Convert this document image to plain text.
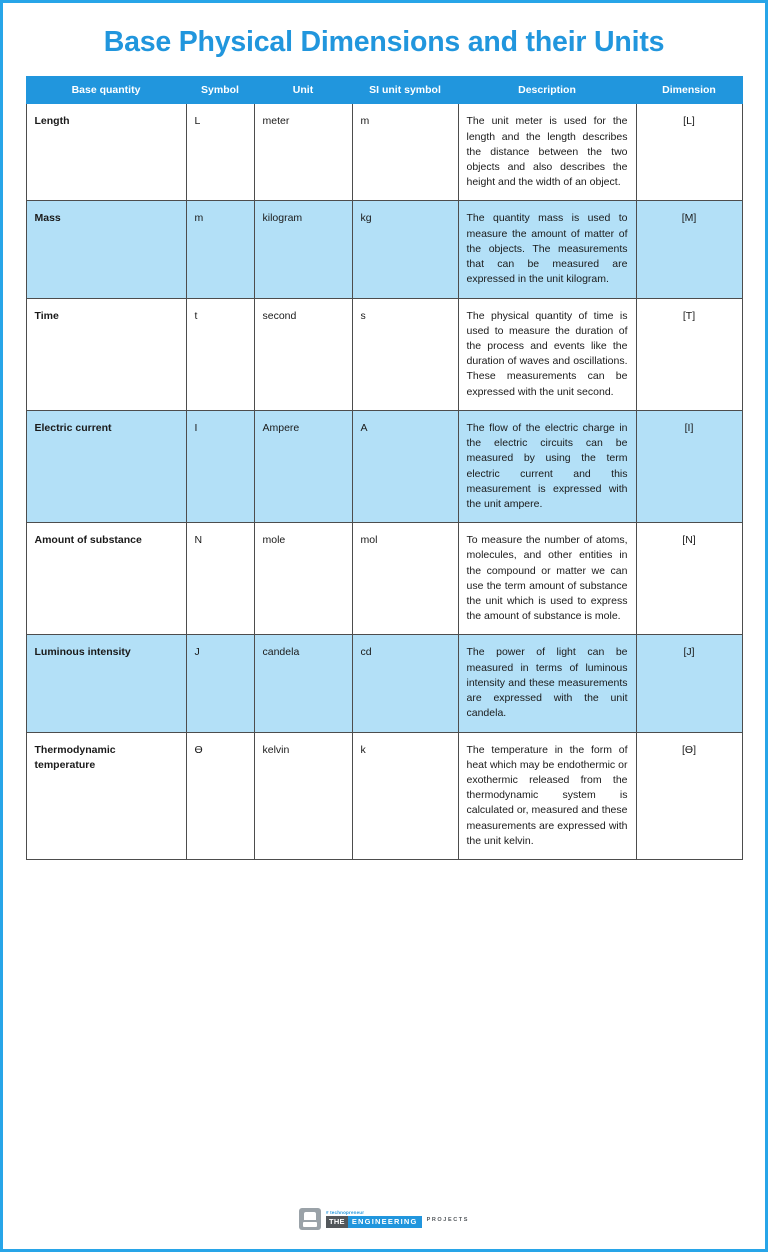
Base Physical Dimensions and their Units
Base quantity	Symbol	Unit	SI unit symbol	Description	Dimension
Length	L	meter	m	The unit meter is used for the length and the length describes the distance between the two objects and also describes the height and the width of an object.	[L]
Mass	m	kilogram	kg	The quantity mass is used to measure the amount of matter of the objects. The measurements that can be measured are expressed in the unit kilogram.	[M]
Time	t	second	s	The physical quantity of time is used to measure the duration of the process and events like the duration of waves and oscillations. These measurements can be expressed with the unit second.	[T]
Electric current	I	Ampere	A	The flow of the electric charge in the electric circuits can be measured by using the term electric current and this measurement is expressed with the unit ampere.	[I]
Amount of substance	N	mole	mol	To measure the number of atoms, molecules, and other entities in the compound or matter we can use the term amount of substance the unit which is used to express the amount of substance is mole.	[N]
Luminous intensity	J	candela	cd	The power of light can be measured in terms of luminous intensity and these measurements are expressed with the unit candela.	[J]
Thermodynamic temperature	Ө	kelvin	k	The temperature in the form of heat which may be endothermic or exothermic released from the thermodynamic system is calculated or, measured and these measurements are expressed with the unit kelvin.	[Ө]
# technopreneur
THE ENGINEERING	PROJECTS
